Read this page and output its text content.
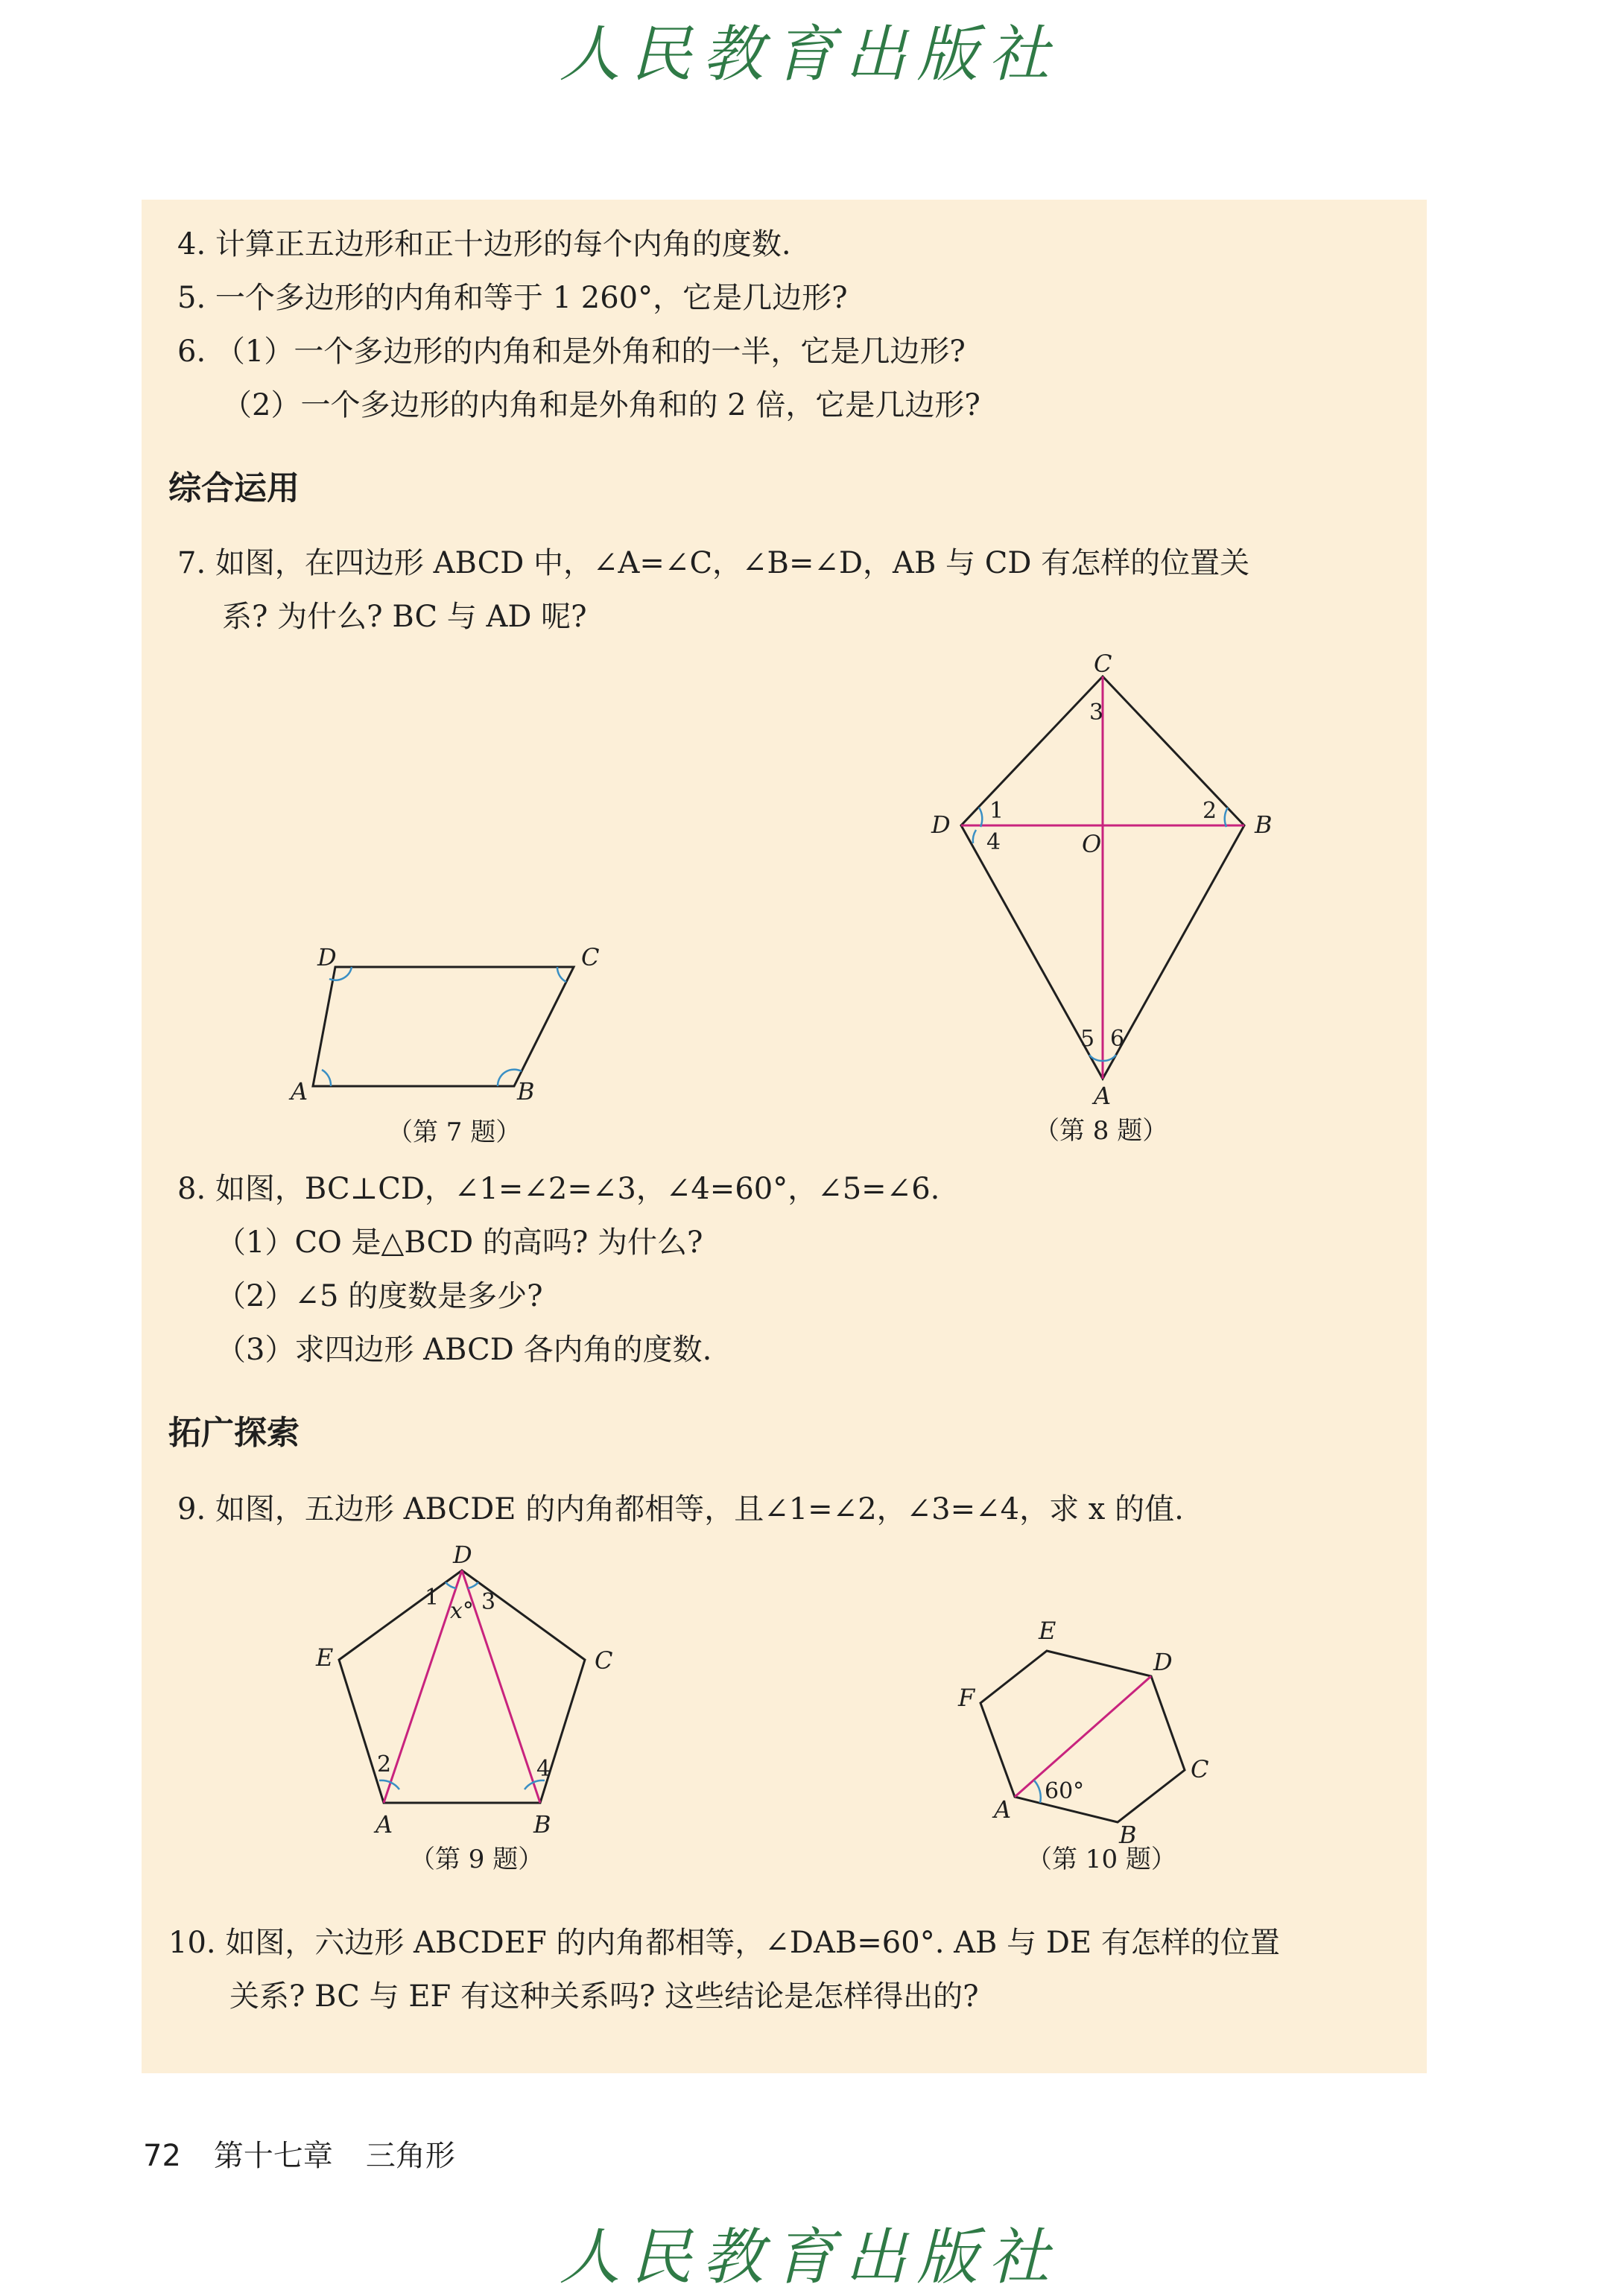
人民教育出版社
4. 计算正五边形和正十边形的每个内角的度数.
5. 一个多边形的内角和等于 1 260°，它是几边形?
6. （1）一个多边形的内角和是外角和的一半，它是几边形?
（2）一个多边形的内角和是外角和的 2 倍，它是几边形?
综合运用
7. 如图，在四边形 ABCD 中，∠A=∠C，∠B=∠D，AB 与 CD 有怎样的位置关
系? 为什么? BC 与 AD 呢?
D	C
A	B
（第 7 题）
C
3
D 1
4	O
2 B
5 6
A
（第 8 题）
8. 如图，BC⊥CD，∠1=∠2=∠3，∠4=60°，∠5=∠6.
（1）CO 是△BCD 的高吗? 为什么?
（2）∠5 的度数是多少?
（3）求四边形 ABCD 各内角的度数.
拓广探索
9. 如图，五边形 ABCDE 的内角都相等，且∠1=∠2，∠3=∠4，求 x 的值.
D
1
x° 3
E	C
2	4
A	B
（第 9 题）
E
D
F
C
60°
A
B
（第 10 题）
10. 如图，六边形 ABCDEF 的内角都相等，∠DAB=60°. AB 与 DE 有怎样的位置
关系? BC 与 EF 有这种关系吗? 这些结论是怎样得出的?
72 第十七章 三角形
人民教育出版社
